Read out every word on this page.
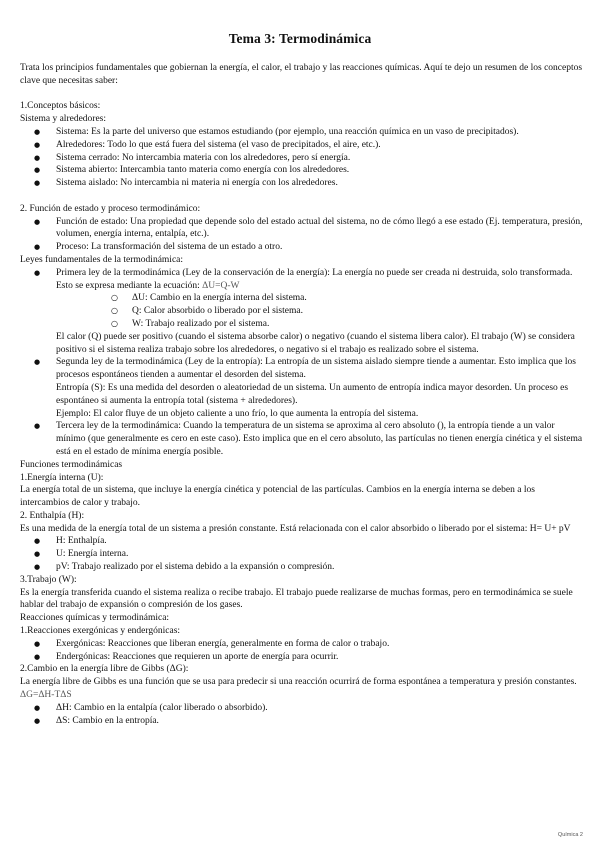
Tema 3: Termodinámica

Trata los principios fundamentales que gobiernan la energía, el calor, el trabajo y las reacciones químicas. Aquí te dejo un resumen de los conceptos clave que necesitas saber:

1.Conceptos básicos:

Sistema y alrededores:

● Sistema: Es la parte del universo que estamos estudiando (por ejemplo, una reacción química en un vaso de precipitados).
● Alrededores: Todo lo que está fuera del sistema (el vaso de precipitados, el aire, etc.).
● Sistema cerrado: No intercambia materia con los alrededores, pero sí energía.
● Sistema abierto: Intercambia tanto materia como energía con los alrededores.
● Sistema aislado: No intercambia ni materia ni energía con los alrededores.

2. Función de estado y proceso termodinámico:

● Función de estado: Una propiedad que depende solo del estado actual del sistema, no de cómo llegó a ese estado (Ej. temperatura, presión, volumen, energía interna, entalpía, etc.).
● Proceso: La transformación del sistema de un estado a otro.

Leyes fundamentales de la termodinámica:

● Primera ley de la termodinámica (Ley de la conservación de la energía): La energía no puede ser creada ni destruida, solo transformada. Esto se expresa mediante la ecuación: ΔU=Q-W
○ ΔU: Cambio en la energía interna del sistema.
○ Q: Calor absorbido o liberado por el sistema.
○ W: Trabajo realizado por el sistema.

El calor (Q) puede ser positivo (cuando el sistema absorbe calor) o negativo (cuando el sistema libera calor). El trabajo (W) se considera positivo si el sistema realiza trabajo sobre los alrededores, o negativo si el trabajo es realizado sobre el sistema.

● Segunda ley de la termodinámica (Ley de la entropía): La entropía de un sistema aislado siempre tiende a aumentar. Esto implica que los procesos espontáneos tienden a aumentar el desorden del sistema.

Entropía (S): Es una medida del desorden o aleatoriedad de un sistema. Un aumento de entropía indica mayor desorden. Un proceso es espontáneo si aumenta la entropía total (sistema + alrededores).

Ejemplo: El calor fluye de un objeto caliente a uno frío, lo que aumenta la entropía del sistema.

● Tercera ley de la termodinámica: Cuando la temperatura de un sistema se aproxima al cero absoluto (), la entropía tiende a un valor mínimo (que generalmente es cero en este caso). Esto implica que en el cero absoluto, las partículas no tienen energía cinética y el sistema está en el estado de mínima energía posible.

Funciones termodinámicas

1.Energía interna (U):

La energía total de un sistema, que incluye la energía cinética y potencial de las partículas. Cambios en la energía interna se deben a los intercambios de calor y trabajo.

2. Enthalpía (H):

Es una medida de la energía total de un sistema a presión constante. Está relacionada con el calor absorbido o liberado por el sistema: H= U+ pV

● H: Enthalpía.
● U: Energía interna.
● pV: Trabajo realizado por el sistema debido a la expansión o compresión.

3.Trabajo (W):

Es la energía transferida cuando el sistema realiza o recibe trabajo. El trabajo puede realizarse de muchas formas, pero en termodinámica se suele hablar del trabajo de expansión o compresión de los gases.

Reacciones químicas y termodinámica:

1.Reacciones exergónicas y endergónicas:

● Exergónicas: Reacciones que liberan energía, generalmente en forma de calor o trabajo.
● Endergónicas: Reacciones que requieren un aporte de energía para ocurrir.

2.Cambio en la energía libre de Gibbs (ΔG):

La energía libre de Gibbs es una función que se usa para predecir si una reacción ocurrirá de forma espontánea a temperatura y presión constantes. ΔG=ΔH-TΔS

● ΔH: Cambio en la entalpía (calor liberado o absorbido).
● ΔS: Cambio en la entropía.
Química 2
